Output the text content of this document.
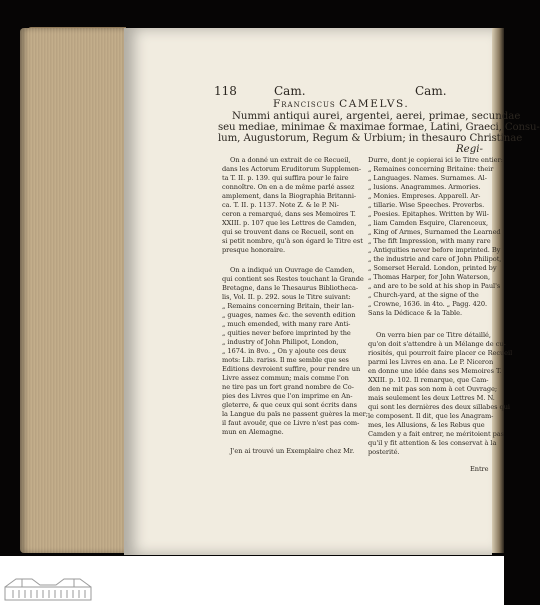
118	Cam.	Cam.
Franciscus CAMELVS.
Nummi antiqui aurei, argentei, aerei, primae, secundae
seu mediae, minimae & maximae formae, Latini, Graeci, Consu-
lum, Augustorum, Regum & Urbium; in thesauro Christinae
Regi-
On a donné un extrait de ce Recueil,
dans les Actorum Eruditorum Supplemen-
ta T. II. p. 139. qui suffira pour le faire
connoître. On en a de même parlé assez
amplement, dans la Biographia Britanni-
ca. T. II. p. 1137. Note Z. & le P. Ni-
ceron a remarqué, dans ses Memoires T.
XXIII. p. 107 que les Lettres de Camden,
qui se trouvent dans ce Recueil, sont en
si petit nombre, qu'à son égard le Titre est
presque honoraire.
On a indiqué un Ouvrage de Camden,
qui contient ses Restes touchant la Grande
Bretagne, dans le Thesaurus Bibliotheca-
lis, Vol. II. p. 292. sous le Titre suivant:
„ Remains concerning Britain, their lan-
„ guages, names &c. the seventh edition
„ much emended, with many rare Anti-
„ quities never before imprinted by the
„ industry of John Philipot, London,
„ 1674. in 8vo. „ On y ajoute ces deux
mots: Lib. rariss. Il me semble que ses
Editions devroient suffire, pour rendre un
Livre assez commun; mais comme l'on
ne tire pas un fort grand nombre de Co-
pies des Livres que l'on imprime en An-
gleterre, & que ceux qui sont écrits dans
la Langue du païs ne passent guères la mer;
il faut avouër, que ce Livre n'est pas com-
mun en Alemagne.
J'en ai trouvé un Exemplaire chez Mr.
Durre, dont je copierai ici le Titre entier:
„ Remaines concerning Britaine: their
„ Languages. Names. Surnames. Al-
„ lusions. Anagrammes. Armories.
„ Monies. Empreses. Apparell. Ar-
„ tillarie. Wise Speeches. Proverbs.
„ Poesies. Epitaphes. Written by Wil-
„ liam Camden Esquire, Clarenceux,
„ King of Armes, Surnamed the Learned
„ The fift Impression, with many rare
„ Antiquities never before imprinted. By
„ the industrie and care of John Philipot,
„ Somerset Herald. London, printed by
„ Thomas Harper, for John Waterson,
„ and are to be sold at his shop in Paul's
„ Church-yard, at the signe of the
„ Crowne, 1636. in 4to. „ Pagg. 420.
Sans la Dédicace & la Table.
On verra bien par ce Titre détaillé,
qu'on doit s'attendre à un Mélange de cu-
riosités, qui pourroit faire placer ce Recueil
parmi les Livres en ana. Le P. Niceron
en donne une idée dans ses Memoires T.
XXIII. p. 102. Il remarque, que Cam-
den ne mit pas son nom à cet Ouvrage;
mais seulement les deux Lettres M. N.
qui sont les dernières des deux sillabes qui
le composent. Il dit, que les Anagram-
mes, les Allusions, & les Rebus que
Camden y a fait entrer, ne méritoient pas
qu'il y fit attention & les conservat à la
posterité.
Entre
